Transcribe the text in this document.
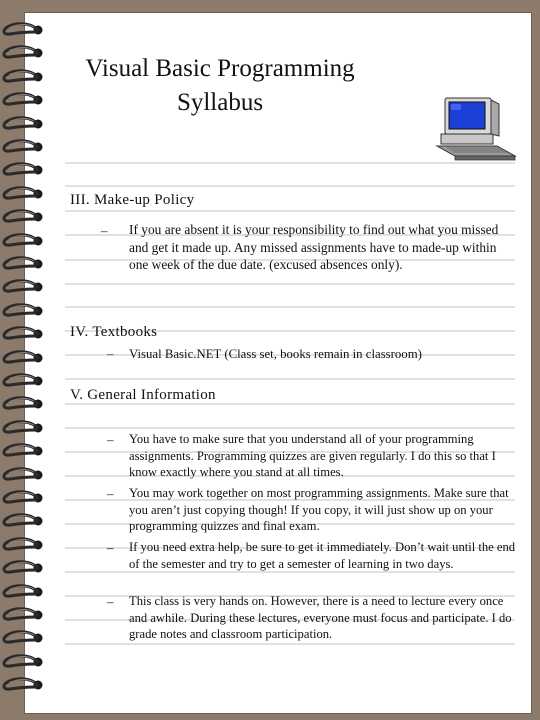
Visual Basic Programming
Syllabus
III. Make-up Policy
– If you are absent it is your responsibility to find out what you missed and get it made up. Any missed assignments have to made-up within one week of the due date. (excused absences only).
IV. Textbooks
– Visual Basic.NET (Class set, books remain in classroom)
V. General Information
– You have to make sure that you understand all of your programming assignments. Programming quizzes are given regularly. I do this so that I know exactly where you stand at all times.
– You may work together on most programming assignments. Make sure that you aren’t just copying though! If you copy, it will just show up on your programming quizzes and final exam.
– If you need extra help, be sure to get it immediately. Don’t wait until the end of the semester and try to get a semester of learning in two days.
– This class is very hands on. However, there is a need to lecture every once and awhile. During these lectures, everyone must focus and participate. I do grade notes and classroom participation.
